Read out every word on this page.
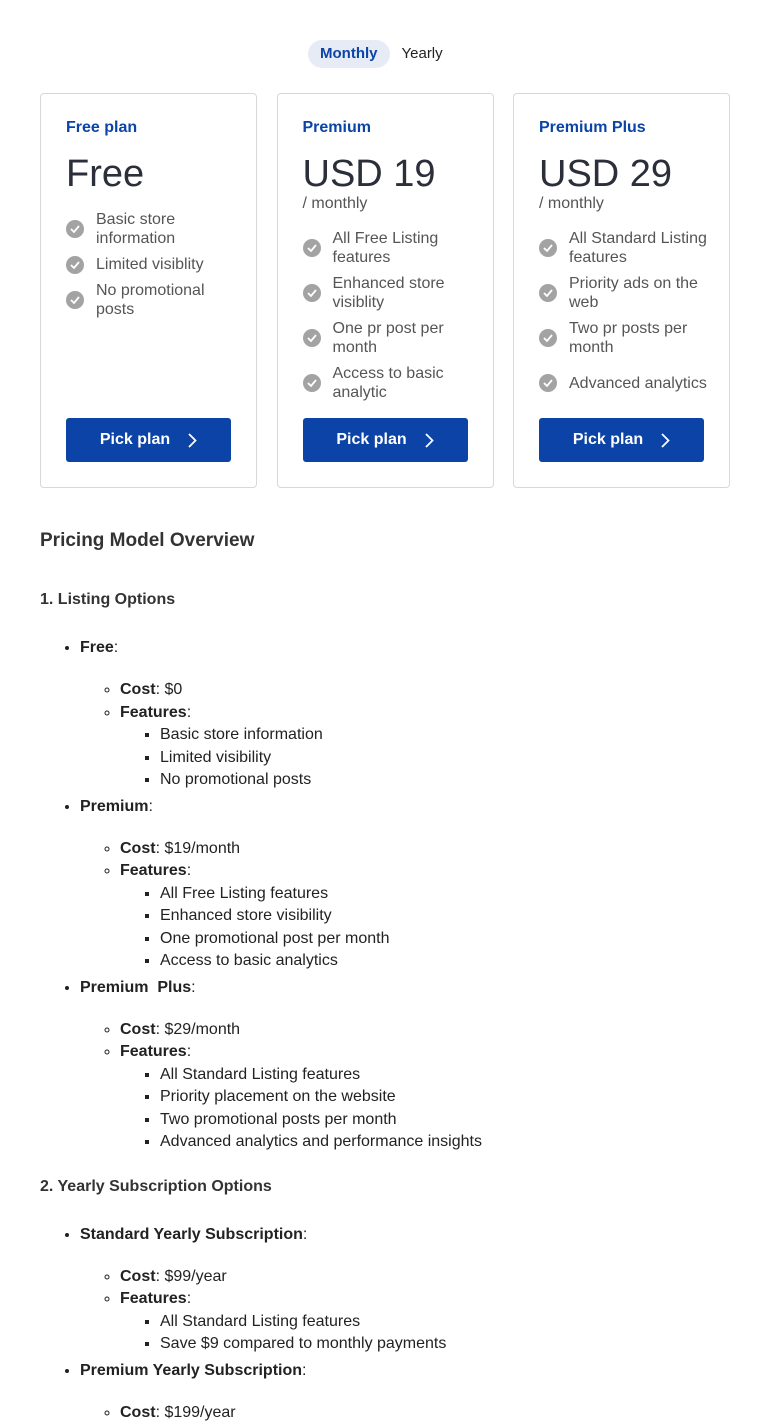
Monthly	Yearly
Free plan
Free
Basic store information
Limited visiblity
No promotional posts
Pick plan
Premium
USD 19
/ monthly
All Free Listing features
Enhanced store visiblity
One pr post per month
Access to basic analytic
Pick plan
Premium Plus
USD 29
/ monthly
All Standard Listing features
Priority ads on the web
Two pr posts per month
Advanced analytics
Pick plan
Pricing Model Overview
1. Listing Options
• Free:
◦ Cost: $0
◦ Features:
▪ Basic store information
▪ Limited visibility
▪ No promotional posts
• Premium:
◦ Cost: $19/month
◦ Features:
▪ All Free Listing features
▪ Enhanced store visibility
▪ One promotional post per month
▪ Access to basic analytics
• Premium  Plus:
◦ Cost: $29/month
◦ Features:
▪ All Standard Listing features
▪ Priority placement on the website
▪ Two promotional posts per month
▪ Advanced analytics and performance insights
2. Yearly Subscription Options
• Standard Yearly Subscription:
◦ Cost: $99/year
◦ Features:
▪ All Standard Listing features
▪ Save $9 compared to monthly payments
• Premium Yearly Subscription:
◦ Cost: $199/year
